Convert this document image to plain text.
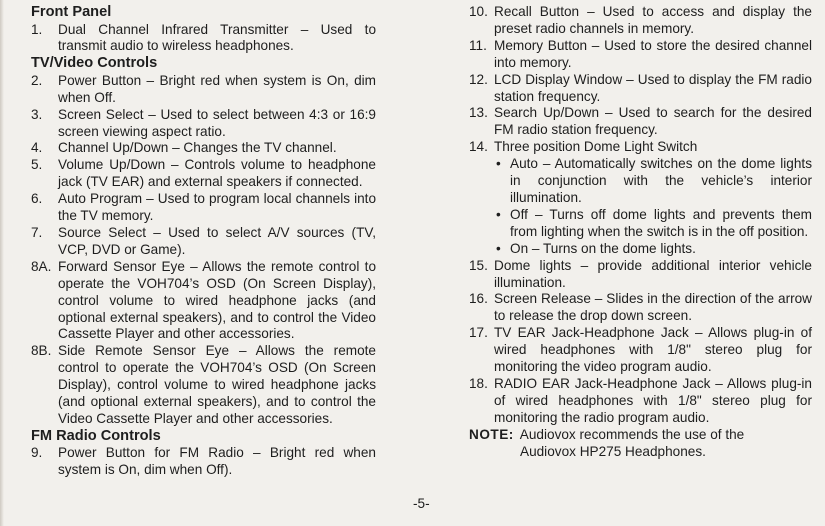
Front Panel

1.	Dual Channel Infrared Transmitter – Used to transmit audio to wireless headphones.

TV/Video Controls

2.	Power Button – Bright red when system is On, dim when Off.
3.	Screen Select – Used to select between 4:3 or 16:9 screen viewing aspect ratio.
4.	Channel Up/Down – Changes the TV channel.
5.	Volume Up/Down – Controls volume to headphone jack (TV EAR) and external speakers if connected.
6.	Auto Program – Used to program local channels into the TV memory.
7.	Source Select – Used to select A/V sources (TV, VCP, DVD or Game).
8A. Forward Sensor Eye – Allows the remote control to operate the VOH704’s OSD (On Screen Display), control volume to wired headphone jacks (and optional external speakers), and to control the Video Cassette Player and other accessories.
8B. Side Remote Sensor Eye – Allows the remote control to operate the VOH704’s OSD (On Screen Display), control volume to wired headphone jacks (and optional external speakers), and to control the Video Cassette Player and other accessories.

FM Radio Controls

9.	Power Button for FM Radio – Bright red when system is On, dim when Off).
10. Recall Button – Used to access and display the preset radio channels in memory.
11. Memory Button – Used to store the desired channel into memory.
12. LCD Display Window – Used to display the FM radio station frequency.
13. Search Up/Down – Used to search for the desired FM radio station frequency.
14. Three position Dome Light Switch
• Auto – Automatically switches on the dome lights in conjunction with the vehicle’s interior illumination.
• Off – Turns off dome lights and prevents them from lighting when the switch is in the off position.
• On – Turns on the dome lights.
15. Dome lights – provide additional interior vehicle illumination.
16. Screen Release – Slides in the direction of the arrow to release the drop down screen.
17. TV EAR Jack-Headphone Jack – Allows plug-in of wired headphones with 1/8" stereo plug for monitoring the video program audio.
18. RADIO EAR Jack-Headphone Jack – Allows plug-in of wired headphones with 1/8" stereo plug for monitoring the radio program audio.
NOTE: Audiovox recommends the use of the
Audiovox HP275 Headphones.
-5-
